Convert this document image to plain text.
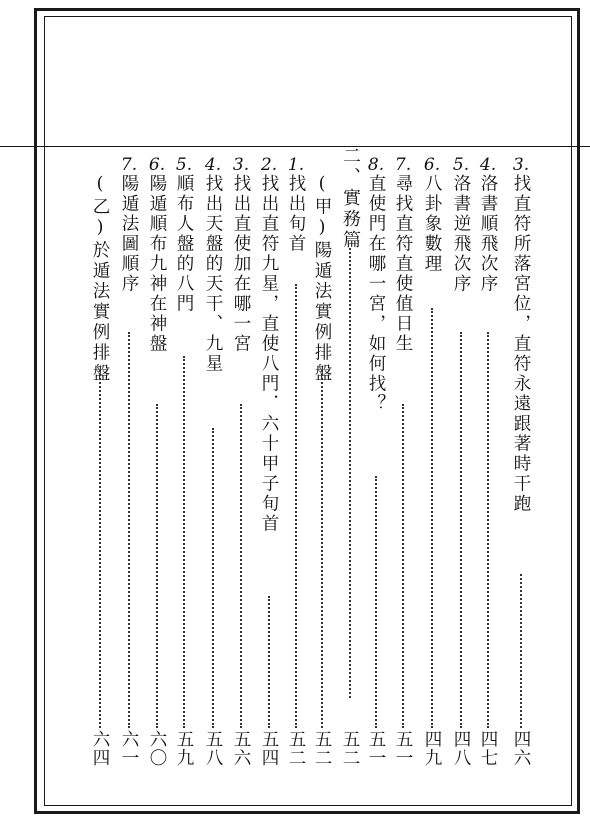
3.
找直符所落宮位，直符永遠跟著時干跑
四六
4.
洛書順飛次序
四七
5.
洛書逆飛次序
四八
6.
八卦象數理
四九
7.
尋找直符直使值日生
五一
8.
直使門在哪一宮，如何找？
五一
(甲)陽遁法實例排盤
五二
二、實務篇
五二
1.
找出旬首
五二
2.
找出直符九星，直使八門．六十甲子旬首
五四
3.
找出直使加在哪一宮
五六
4.
找出天盤的天干、九星
五八
5.
順布人盤的八門
五九
6.
陽遁順布九神在神盤
六〇
7.
陽遁法圖順序
六一
(乙)於遁法實例排盤
六四
